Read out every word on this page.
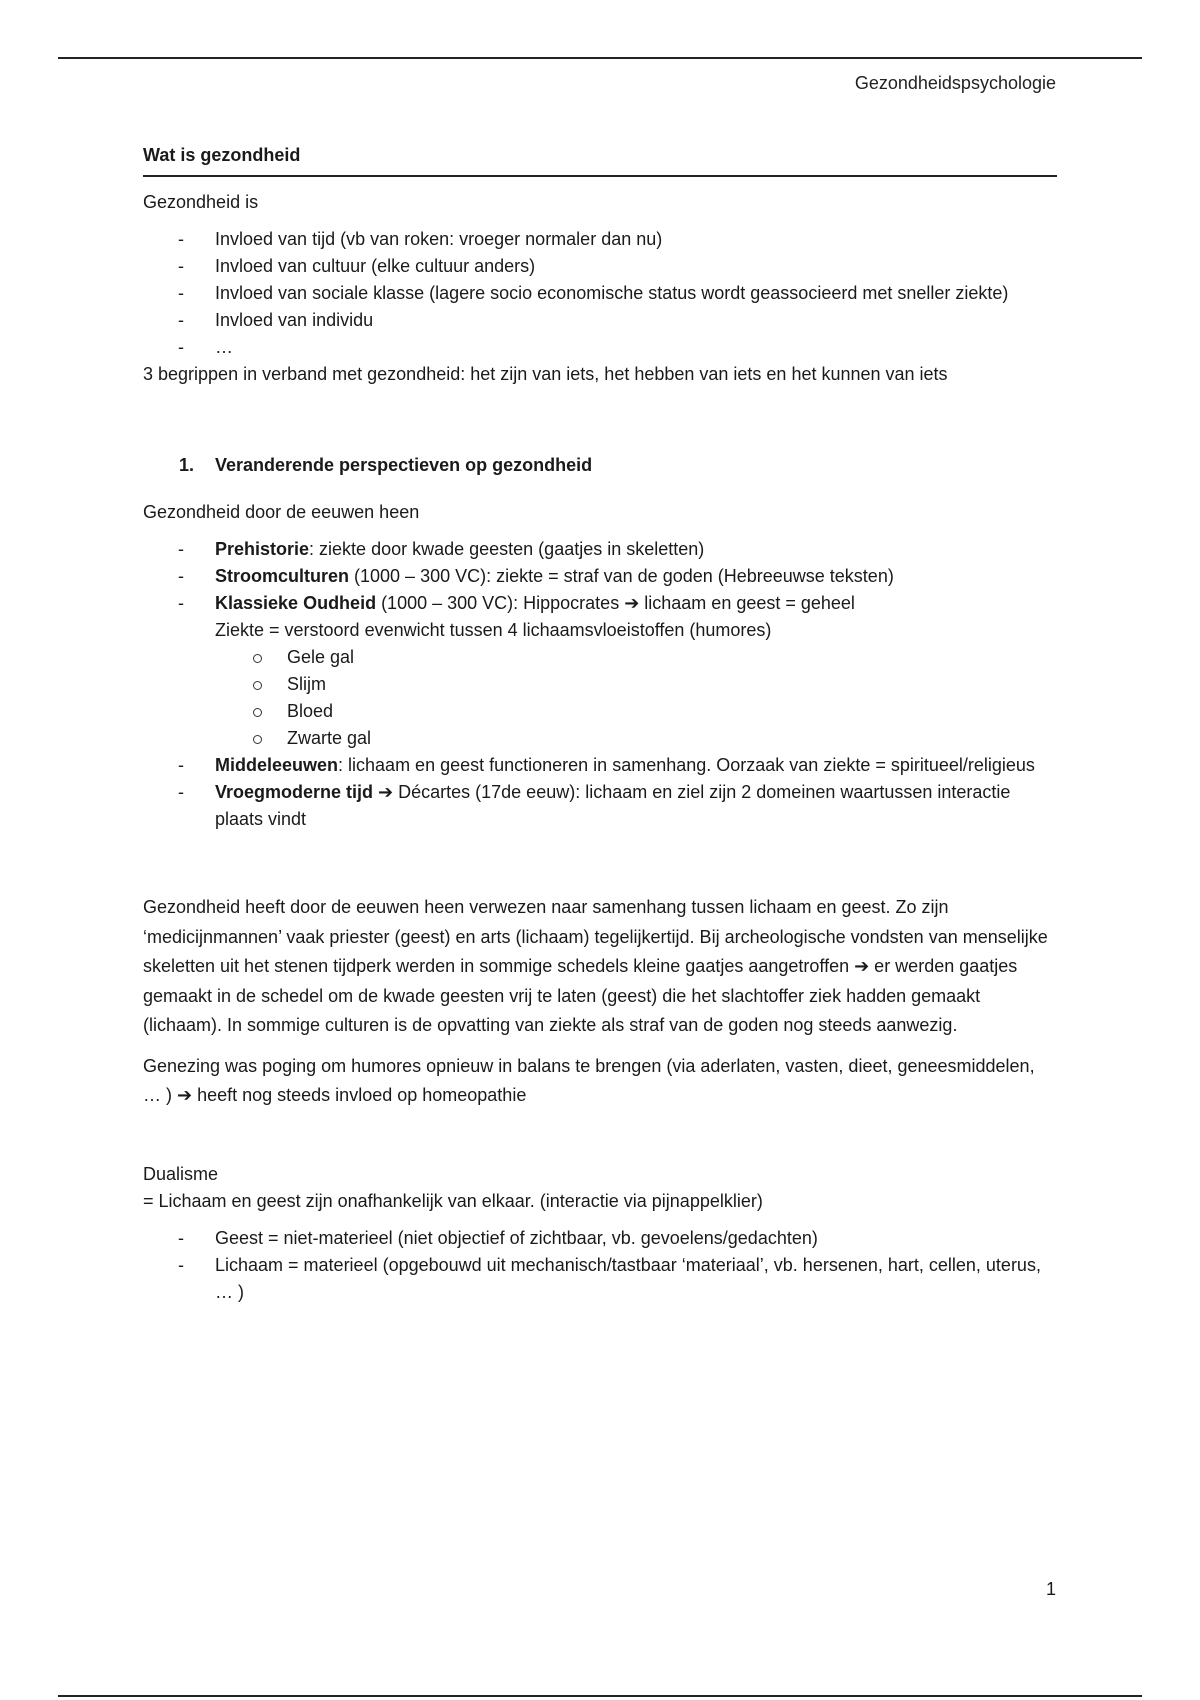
Gezondheidspsychologie
Wat is gezondheid

Gezondheid is

- Invloed van tijd (vb van roken: vroeger normaler dan nu)
- Invloed van cultuur (elke cultuur anders)
- Invloed van sociale klasse (lagere socio economische status wordt geassocieerd met sneller ziekte)
- Invloed van individu
- …

3 begrippen in verband met gezondheid: het zijn van iets, het hebben van iets en het kunnen van iets

1. Veranderende perspectieven op gezondheid

Gezondheid door de eeuwen heen

- Prehistorie: ziekte door kwade geesten (gaatjes in skeletten)
- Stroomculturen (1000 – 300 VC): ziekte = straf van de goden (Hebreeuwse teksten)
- Klassieke Oudheid (1000 – 300 VC): Hippocrates ➔ lichaam en geest = geheel
Ziekte = verstoord evenwicht tussen 4 lichaamsvloeistoffen (humores)
Gele gal
Slijm
Bloed
Zwarte gal
- Middeleeuwen: lichaam en geest functioneren in samenhang. Oorzaak van ziekte = spiritueel/religieus
- Vroegmoderne tijd ➔ Décartes (17de eeuw): lichaam en ziel zijn 2 domeinen waartussen interactie plaats vindt

Gezondheid heeft door de eeuwen heen verwezen naar samenhang tussen lichaam en geest. Zo zijn ‘medicijnmannen’ vaak priester (geest) en arts (lichaam) tegelijkertijd. Bij archeologische vondsten van menselijke skeletten uit het stenen tijdperk werden in sommige schedels kleine gaatjes aangetroffen ➔ er werden gaatjes gemaakt in de schedel om de kwade geesten vrij te laten (geest) die het slachtoffer ziek hadden gemaakt (lichaam). In sommige culturen is de opvatting van ziekte als straf van de goden nog steeds aanwezig.

Genezing was poging om humores opnieuw in balans te brengen (via aderlaten, vasten, dieet, geneesmiddelen, … ) ➔ heeft nog steeds invloed op homeopathie

Dualisme

= Lichaam en geest zijn onafhankelijk van elkaar. (interactie via pijnappelklier)

- Geest = niet-materieel (niet objectief of zichtbaar, vb. gevoelens/gedachten)
- Lichaam = materieel (opgebouwd uit mechanisch/tastbaar ‘materiaal’, vb. hersenen, hart, cellen, uterus, … )
1
